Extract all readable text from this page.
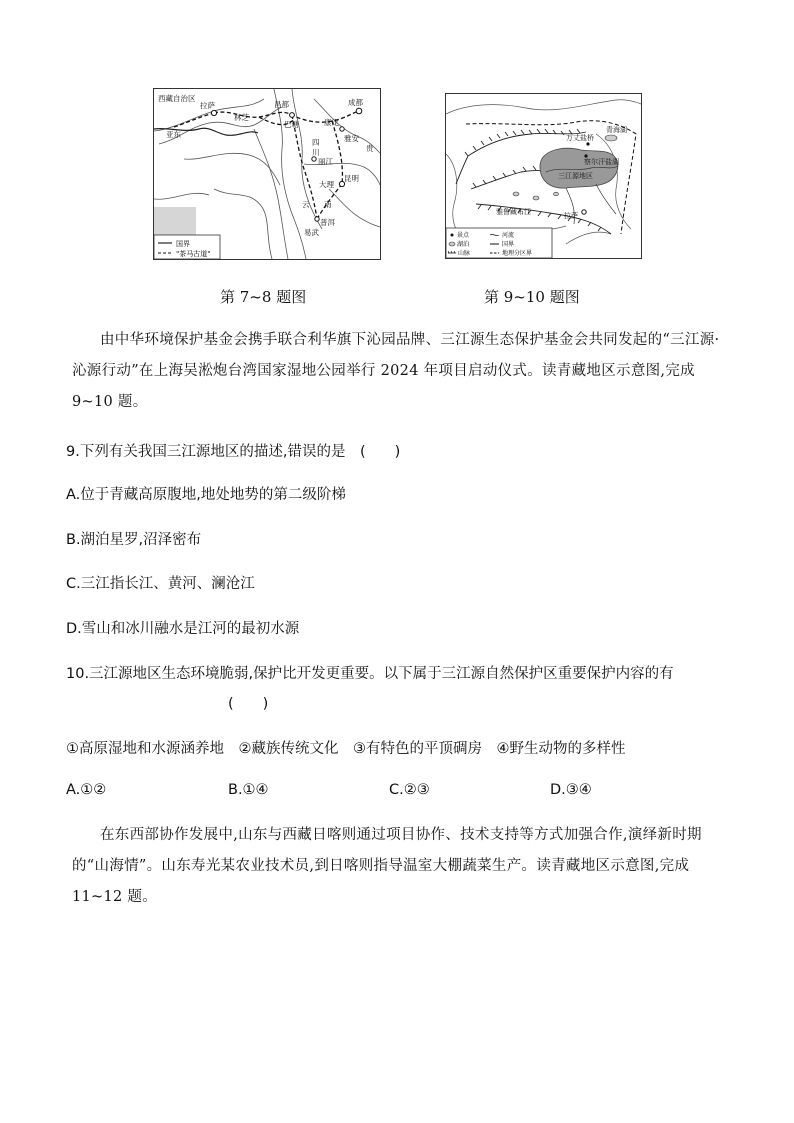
西藏自治区
拉萨
林芝
亚东
昌都
巴塘	康定
成都
雅安
四
川
丽江
大理
昆明
云 南
普洱
易武
贵
国界
"茶马古道"
万丈盐桥
青海湖
察尔汗盐湖
三江源地区
雅鲁藏布江	拉萨
景点
湖泊
山脉
河流
国界
地理分区界
第 7~8 题图	第 9~10 题图
由中华环境保护基金会携手联合利华旗下沁园品牌、三江源生态保护基金会共同发起的“三江源·沁源行动”在上海吴淞炮台湾国家湿地公园举行 2024 年项目启动仪式。读青藏地区示意图,完成 9~10 题。
9.下列有关我国三江源地区的描述,错误的是　(　　)
A.位于青藏高原腹地,地处地势的第二级阶梯
B.湖泊星罗,沼泽密布
C.三江指长江、黄河、澜沧江
D.雪山和冰川融水是江河的最初水源
10.三江源地区生态环境脆弱,保护比开发更重要。以下属于三江源自然保护区重要保护内容的有
(　　)
①高原湿地和水源涵养地　②藏族传统文化　③有特色的平顶碉房　④野生动物的多样性
A.①②	B.①④	C.②③	D.③④
在东西部协作发展中,山东与西藏日喀则通过项目协作、技术支持等方式加强合作,演绎新时期的“山海情”。山东寿光某农业技术员,到日喀则指导温室大棚蔬菜生产。读青藏地区示意图,完成 11~12 题。
